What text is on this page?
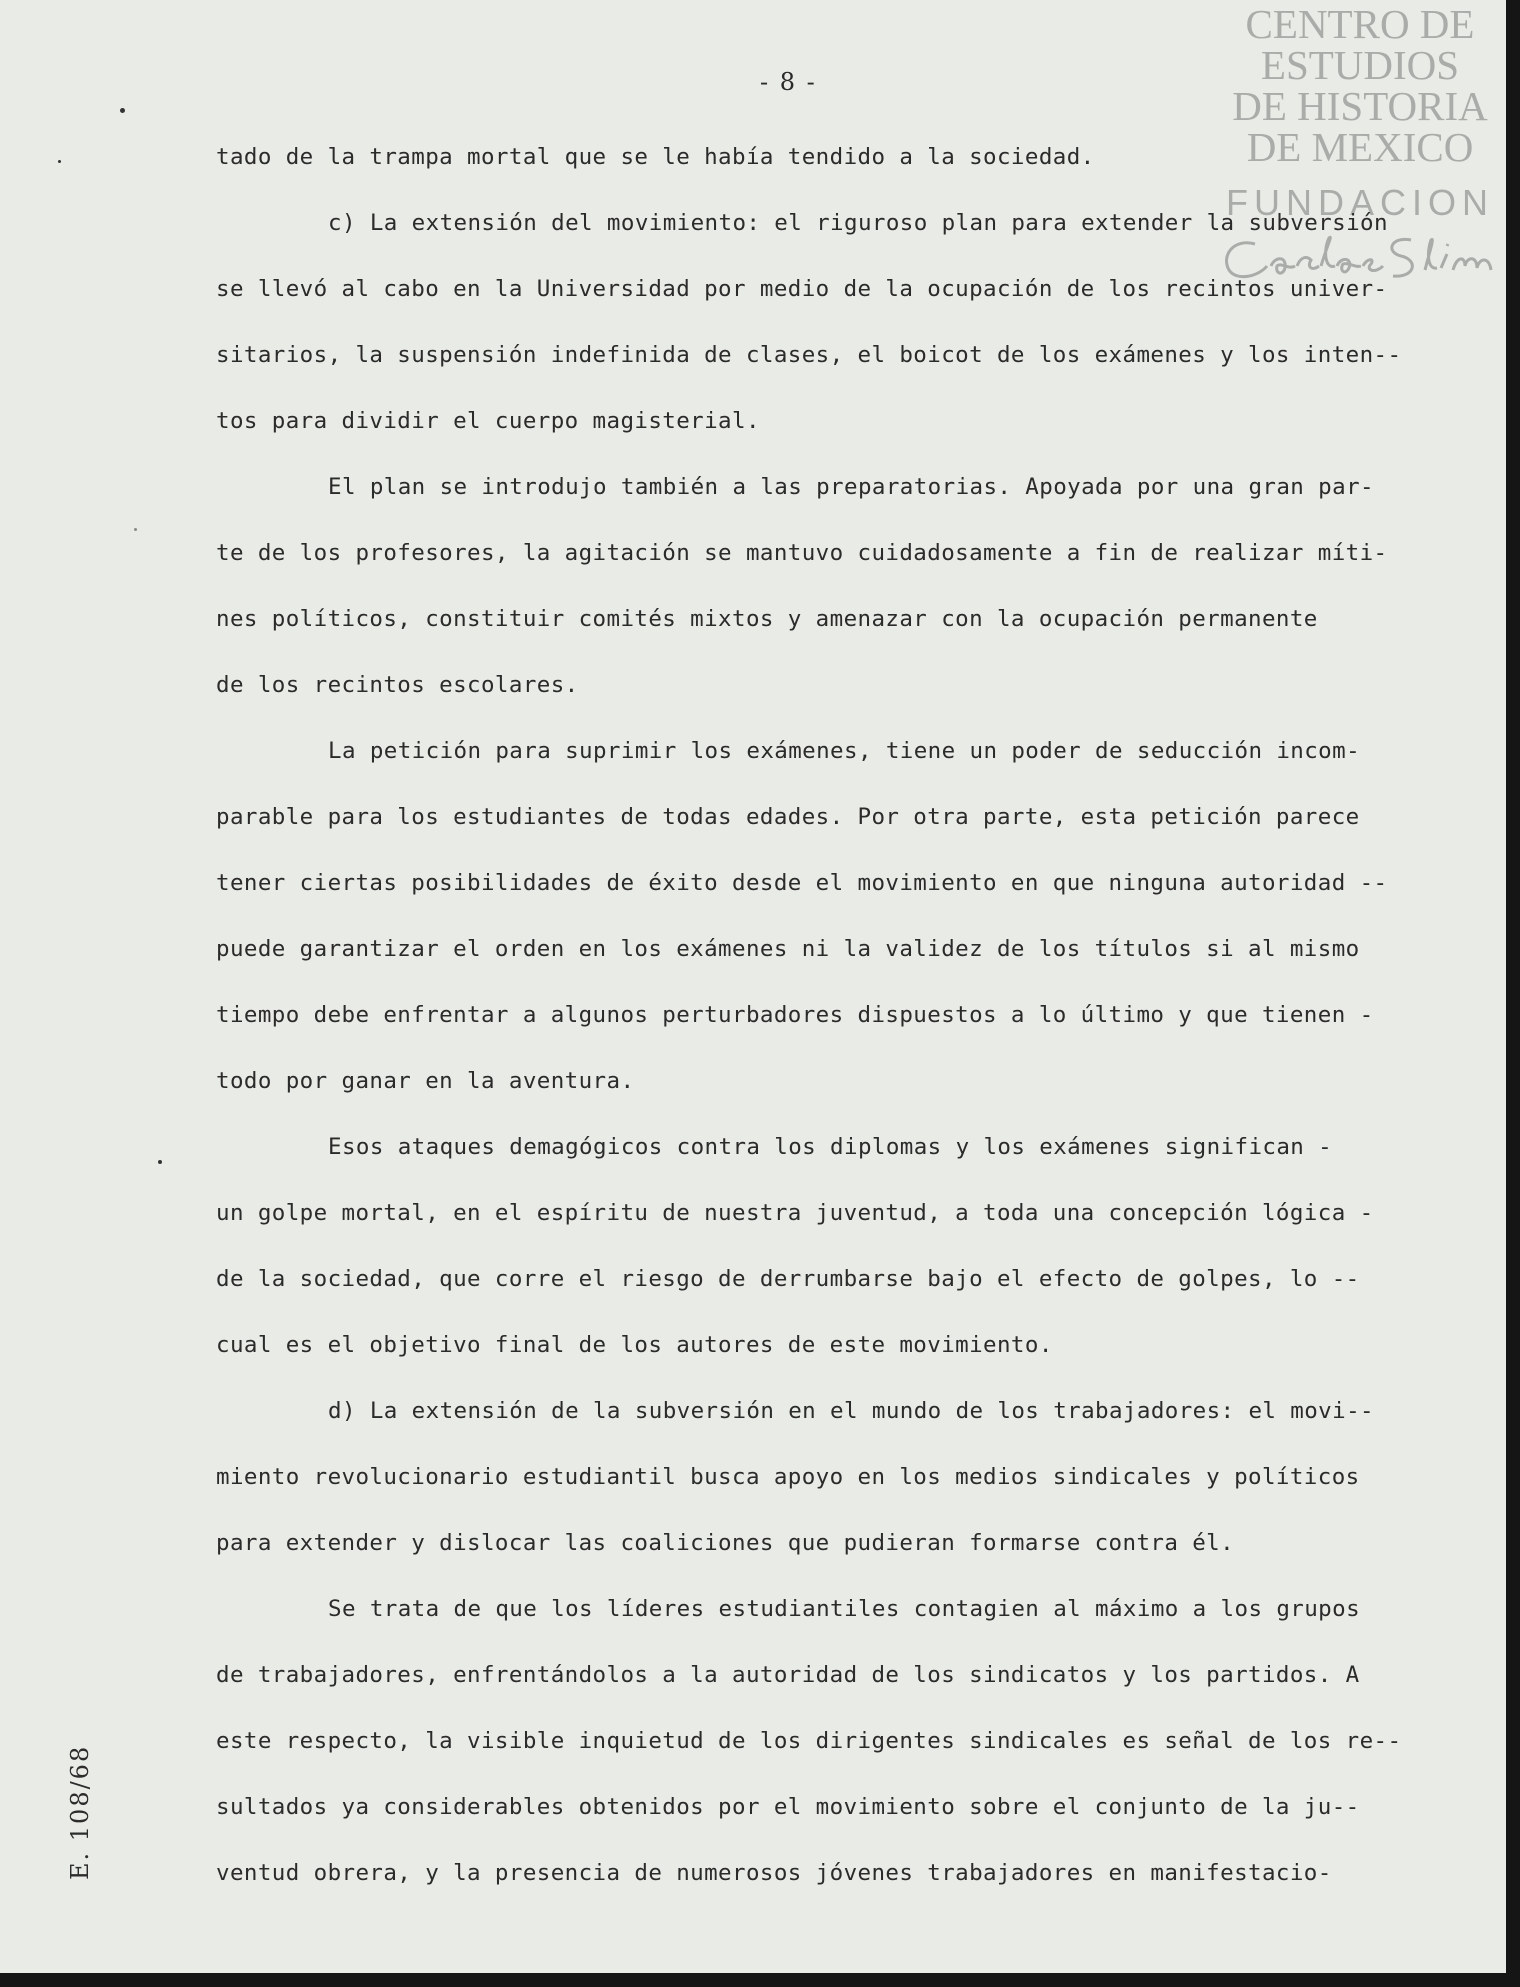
- 8 -
CENTRO DE
ESTUDIOS
DE HISTORIA
DE MEXICO
FUNDACION
tado de la trampa mortal que se le había tendido a la sociedad.
c) La extensión del movimiento: el riguroso plan para extender la subversión
se llevó al cabo en la Universidad por medio de la ocupación de los recintos univer-
sitarios, la suspensión indefinida de clases, el boicot de los exámenes y los inten--
tos para dividir el cuerpo magisterial.
El plan se introdujo también a las preparatorias. Apoyada por una gran par-
te de los profesores, la agitación se mantuvo cuidadosamente a fin de realizar míti-
nes políticos, constituir comités mixtos y amenazar con la ocupación permanente
de los recintos escolares.
La petición para suprimir los exámenes, tiene un poder de seducción incom-
parable para los estudiantes de todas edades. Por otra parte, esta petición parece
tener ciertas posibilidades de éxito desde el movimiento en que ninguna autoridad --
puede garantizar el orden en los exámenes ni la validez de los títulos si al mismo
tiempo debe enfrentar a algunos perturbadores dispuestos a lo último y que tienen -
todo por ganar en la aventura.
Esos ataques demagógicos contra los diplomas y los exámenes significan -
un golpe mortal, en el espíritu de nuestra juventud, a toda una concepción lógica -
de la sociedad, que corre el riesgo de derrumbarse bajo el efecto de golpes, lo --
cual es el objetivo final de los autores de este movimiento.
d) La extensión de la subversión en el mundo de los trabajadores: el movi--
miento revolucionario estudiantil busca apoyo en los medios sindicales y políticos
para extender y dislocar las coaliciones que pudieran formarse contra él.
Se trata de que los líderes estudiantiles contagien al máximo a los grupos
de trabajadores, enfrentándolos a la autoridad de los sindicatos y los partidos. A
este respecto, la visible inquietud de los dirigentes sindicales es señal de los re--
sultados ya considerables obtenidos por el movimiento sobre el conjunto de la ju--
ventud obrera, y la presencia de numerosos jóvenes trabajadores en manifestacio-
E. 108/68
